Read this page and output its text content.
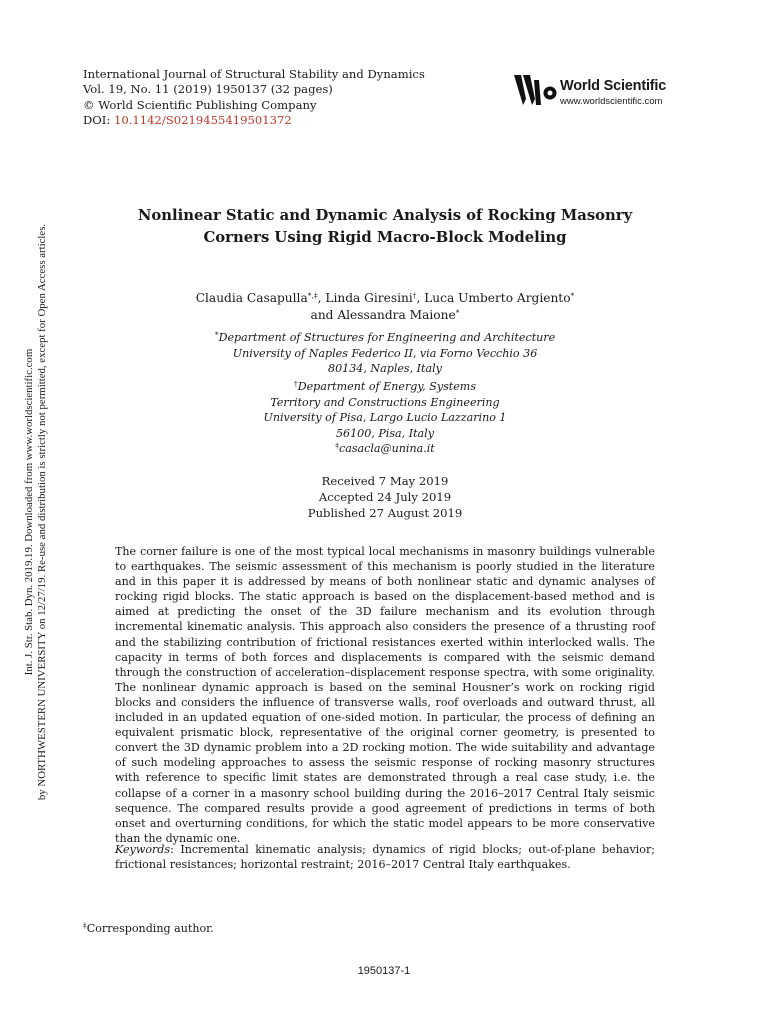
International Journal of Structural Stability and Dynamics
Vol. 19, No. 11 (2019) 1950137 (32 pages)
© World Scientific Publishing Company
DOI: 10.1142/S0219455419501372
World Scientific
www.worldscientific.com
Int. J. Str. Stab. Dyn. 2019.19. Downloaded from www.worldscientific.com by NORTHWESTERN UNIVERSITY on 12/27/19. Re-use and distribution is strictly not permitted, except for Open Access articles.
Nonlinear Static and Dynamic Analysis of Rocking Masonry
Corners Using Rigid Macro-Block Modeling
Claudia Casapulla*,‡, Linda Giresini†, Luca Umberto Argiento*
and Alessandra Maione*
*Department of Structures for Engineering and Architecture
University of Naples Federico II, via Forno Vecchio 36
80134, Naples, Italy
†Department of Energy, Systems
Territory and Constructions Engineering
University of Pisa, Largo Lucio Lazzarino 1
56100, Pisa, Italy
‡casacla@unina.it
Received 7 May 2019
Accepted 24 July 2019
Published 27 August 2019
The corner failure is one of the most typical local mechanisms in masonry buildings vulnerable to earthquakes. The seismic assessment of this mechanism is poorly studied in the literature and in this paper it is addressed by means of both nonlinear static and dynamic analyses of rocking rigid blocks. The static approach is based on the displacement-based method and is aimed at predicting the onset of the 3D failure mechanism and its evolution through incremental kinematic analysis. This approach also considers the presence of a thrusting roof and the stabilizing contribution of frictional resistances exerted within interlocked walls. The capacity in terms of both forces and displacements is compared with the seismic demand through the construction of acceleration–displacement response spectra, with some originality. The nonlinear dynamic approach is based on the seminal Housner’s work on rocking rigid blocks and considers the influence of transverse walls, roof overloads and outward thrust, all included in an updated equation of one-sided motion. In particular, the process of defining an equivalent prismatic block, representative of the original corner geometry, is presented to convert the 3D dynamic problem into a 2D rocking motion. The wide suitability and advantage of such modeling approaches to assess the seismic response of rocking masonry structures with reference to specific limit states are demonstrated through a real case study, i.e. the collapse of a corner in a masonry school building during the 2016–2017 Central Italy seismic sequence. The compared results provide a good agreement of predictions in terms of both onset and overturning conditions, for which the static model appears to be more conservative than the dynamic one.
Keywords: Incremental kinematic analysis; dynamics of rigid blocks; out-of-plane behavior; frictional resistances; horizontal restraint; 2016–2017 Central Italy earthquakes.
‡Corresponding author.
1950137-1
